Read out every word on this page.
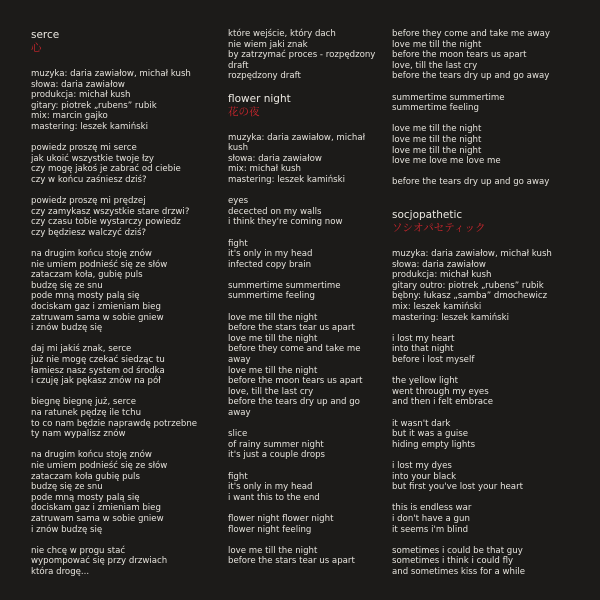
serce
心
muzyka: daria zawiałow, michał kush
słowa: daria zawiałow
produkcja: michał kush
gitary: piotrek „rubens” rubik
mix: marcin gajko
mastering: leszek kamiński
powiedz proszę mi serce
jak ukoić wszystkie twoje łzy
czy mogę jakoś je zabrać od ciebie
czy w końcu zaśniesz dziś?
powiedz proszę mi prędzej
czy zamykasz wszystkie stare drzwi?
czy czasu tobie wystarczy powiedz
czy będziesz walczyć dziś?
na drugim końcu stoję znów
nie umiem podnieść się ze słów
zataczam koła, gubię puls
budzę się ze snu
pode mną mosty palą się
dociskam gaz i zmieniam bieg
zatruwam sama w sobie gniew
i znów budzę się
daj mi jakiś znak, serce
już nie mogę czekać siedząc tu
łamiesz nasz system od środka
i czuję jak pękasz znów na pół
biegnę biegnę już, serce
na ratunek pędzę ile tchu
to co nam będzie naprawdę potrzebne
ty nam wypalisz znów
na drugim końcu stoję znów
nie umiem podnieść się ze słów
zataczam koła gubię puls
budzę się ze snu
pode mną mosty palą się
dociskam gaz i zmieniam bieg
zatruwam sama w sobie gniew
i znów budzę się
nie chcę w progu stać
wypompować się przy drzwiach
która drogę...
które wejście, który dach
nie wiem jaki znak
by zatrzymać proces - rozpędzony
draft
rozpędzony draft
flower night
花の夜
muzyka: daria zawiałow, michał
kush
słowa: daria zawiałow
mix: michał kush
mastering: leszek kamiński
eyes
decected on my walls
i think they're coming now
fight
it's only in my head
infected copy brain
summertime summertime
summertime feeling
love me till the night
before the stars tear us apart
love me till the night
before they come and take me
away
love me till the night
before the moon tears us apart
love, till the last cry
before the tears dry up and go
away
slice
of rainy summer night
it's just a couple drops
fight
it's only in my head
i want this to the end
flower night flower night
flower night feeling
love me till the night
before the stars tear us apart
before they come and take me away
love me till the night
before the moon tears us apart
love, till the last cry
before the tears dry up and go away
summertime summertime
summertime feeling
love me till the night
love me till the night
love me till the night
love me love me love me
before the tears dry up and go away
socjopathetic
ソシオパセティック
muzyka: daria zawiałow, michał kush
słowa: daria zawiałow
produkcja: michał kush
gitary outro: piotrek „rubens” rubik
bębny: łukasz „samba” dmochewicz
mix: leszek kamiński
mastering: leszek kamiński
i lost my heart
into that night
before i lost myself
the yellow light
went through my eyes
and then i felt embrace
it wasn't dark
but it was a guise
hiding empty lights
i lost my dyes
into your black
but first you've lost your heart
this is endless war
i don't have a gun
it seems i'm blind
sometimes i could be that guy
sometimes i think i could fly
and sometimes kiss for a while
